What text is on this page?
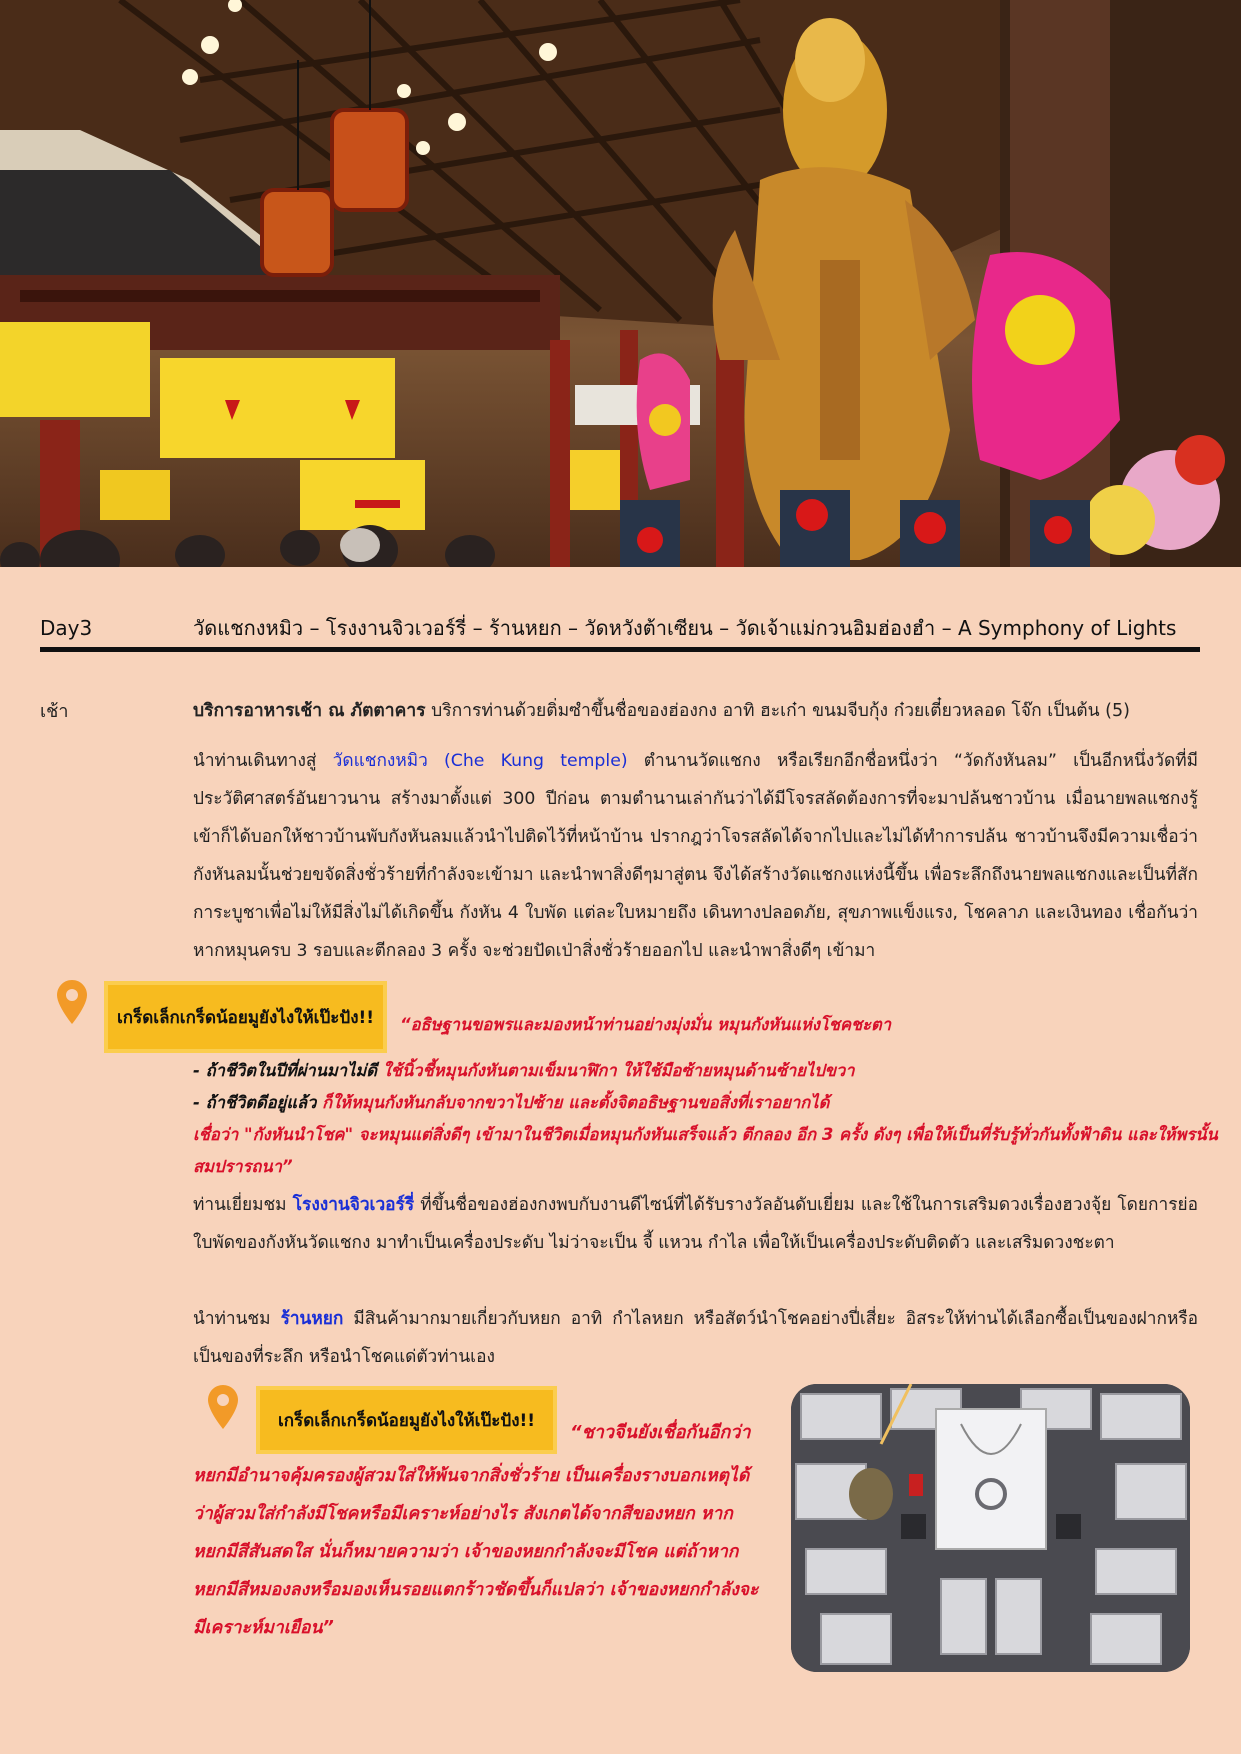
Day3	วัดแชกงหมิว – โรงงานจิวเวอร์รี่ – ร้านหยก – วัดหวังต้าเซียน – วัดเจ้าแม่กวนอิมฮ่องฮำ – A Symphony of Lights
เช้า	บริการอาหารเช้า ณ ภัตตาคาร บริการท่านด้วยติ่มซำขึ้นชื่อของฮ่องกง อาทิ ฮะเก๋า ขนมจีบกุ้ง ก๋วยเตี๋ยวหลอด โจ๊ก เป็นต้น (5)
นำท่านเดินทางสู่ วัดแชกงหมิว (Che Kung temple) ตำนานวัดแชกง หรือเรียกอีกชื่อหนึ่งว่า “วัดกังหันลม” เป็นอีกหนึ่งวัดที่มีประวัติศาสตร์อันยาวนาน สร้างมาตั้งแต่ 300 ปีก่อน ตามตำนานเล่ากันว่าได้มีโจรสลัดต้องการที่จะมาปล้นชาวบ้าน เมื่อนายพลแชกงรู้เข้าก็ได้บอกให้ชาวบ้านพับกังหันลมแล้วนำไปติดไว้ที่หน้าบ้าน ปรากฎว่าโจรสลัดได้จากไปและไม่ได้ทำการปล้น ชาวบ้านจึงมีความเชื่อว่ากังหันลมนั้นช่วยขจัดสิ่งชั่วร้ายที่กำลังจะเข้ามา และนำพาสิ่งดีๆมาสู่ตน จึงได้สร้างวัดแชกงแห่งนี้ขึ้น เพื่อระลึกถึงนายพลแชกงและเป็นที่สักการะบูชาเพื่อไม่ให้มีสิ่งไม่ได้เกิดขึ้น กังหัน 4 ใบพัด แต่ละใบหมายถึง เดินทางปลอดภัย, สุขภาพแข็งแรง, โชคลาภ และเงินทอง เชื่อกันว่าหากหมุนครบ 3 รอบและตีกลอง 3 ครั้ง จะช่วยปัดเป่าสิ่งชั่วร้ายออกไป และนำพาสิ่งดีๆ เข้ามา
เกร็ดเล็กเกร็ดน้อยมูยังไงให้เป๊ะปัง!!	“อธิษฐานขอพรและมองหน้าท่านอย่างมุ่งมั่น หมุนกังหันแห่งโชคชะตา
- ถ้าชีวิตในปีที่ผ่านมาไม่ดี ใช้นิ้วชี้หมุนกังหันตามเข็มนาฬิกา ให้ใช้มือซ้ายหมุนด้านซ้ายไปขวา
- ถ้าชีวิตดีอยู่แล้ว ก็ให้หมุนกังหันกลับจากขวาไปซ้าย และตั้งจิตอธิษฐานขอสิ่งที่เราอยากได้
เชื่อว่า "กังหันนำโชค" จะหมุนแต่สิ่งดีๆ เข้ามาในชีวิตเมื่อหมุนกังหันเสร็จแล้ว ตีกลอง อีก 3 ครั้ง ดังๆ เพื่อให้เป็นที่รับรู้ทั่วกันทั้งฟ้าดิน และให้พรนั้น
สมปรารถนา”
ท่านเยี่ยมชม โรงงานจิวเวอร์รี่ ที่ขึ้นชื่อของฮ่องกงพบกับงานดีไซน์ที่ได้รับรางวัลอันดับเยี่ยม และใช้ในการเสริมดวงเรื่องฮวงจุ้ย โดยการย่อใบพัดของกังหันวัดแชกง มาทำเป็นเครื่องประดับ ไม่ว่าจะเป็น จี้ แหวน กำไล เพื่อให้เป็นเครื่องประดับติดตัว และเสริมดวงชะตา
นำท่านชม ร้านหยก มีสินค้ามากมายเกี่ยวกับหยก อาทิ กำไลหยก หรือสัตว์นำโชคอย่างปี่เสี่ยะ อิสระให้ท่านได้เลือกซื้อเป็นของฝากหรือเป็นของที่ระลึก หรือนำโชคแด่ตัวท่านเอง
เกร็ดเล็กเกร็ดน้อยมูยังไงให้เป๊ะปัง!!
“ชาวจีนยังเชื่อกันอีกว่า
หยกมีอำนาจคุ้มครองผู้สวมใส่ให้พ้นจากสิ่งชั่วร้าย เป็นเครื่องรางบอกเหตุได้ว่าผู้สวมใส่กำลังมีโชคหรือมีเคราะห์อย่างไร สังเกตได้จากสีของหยก หากหยกมีสีสันสดใส นั่นก็หมายความว่า เจ้าของหยกกำลังจะมีโชค แต่ถ้าหากหยกมีสีหมองลงหรือมองเห็นรอยแตกร้าวชัดขึ้นก็แปลว่า เจ้าของหยกกำลังจะมีเคราะห์มาเยือน”
